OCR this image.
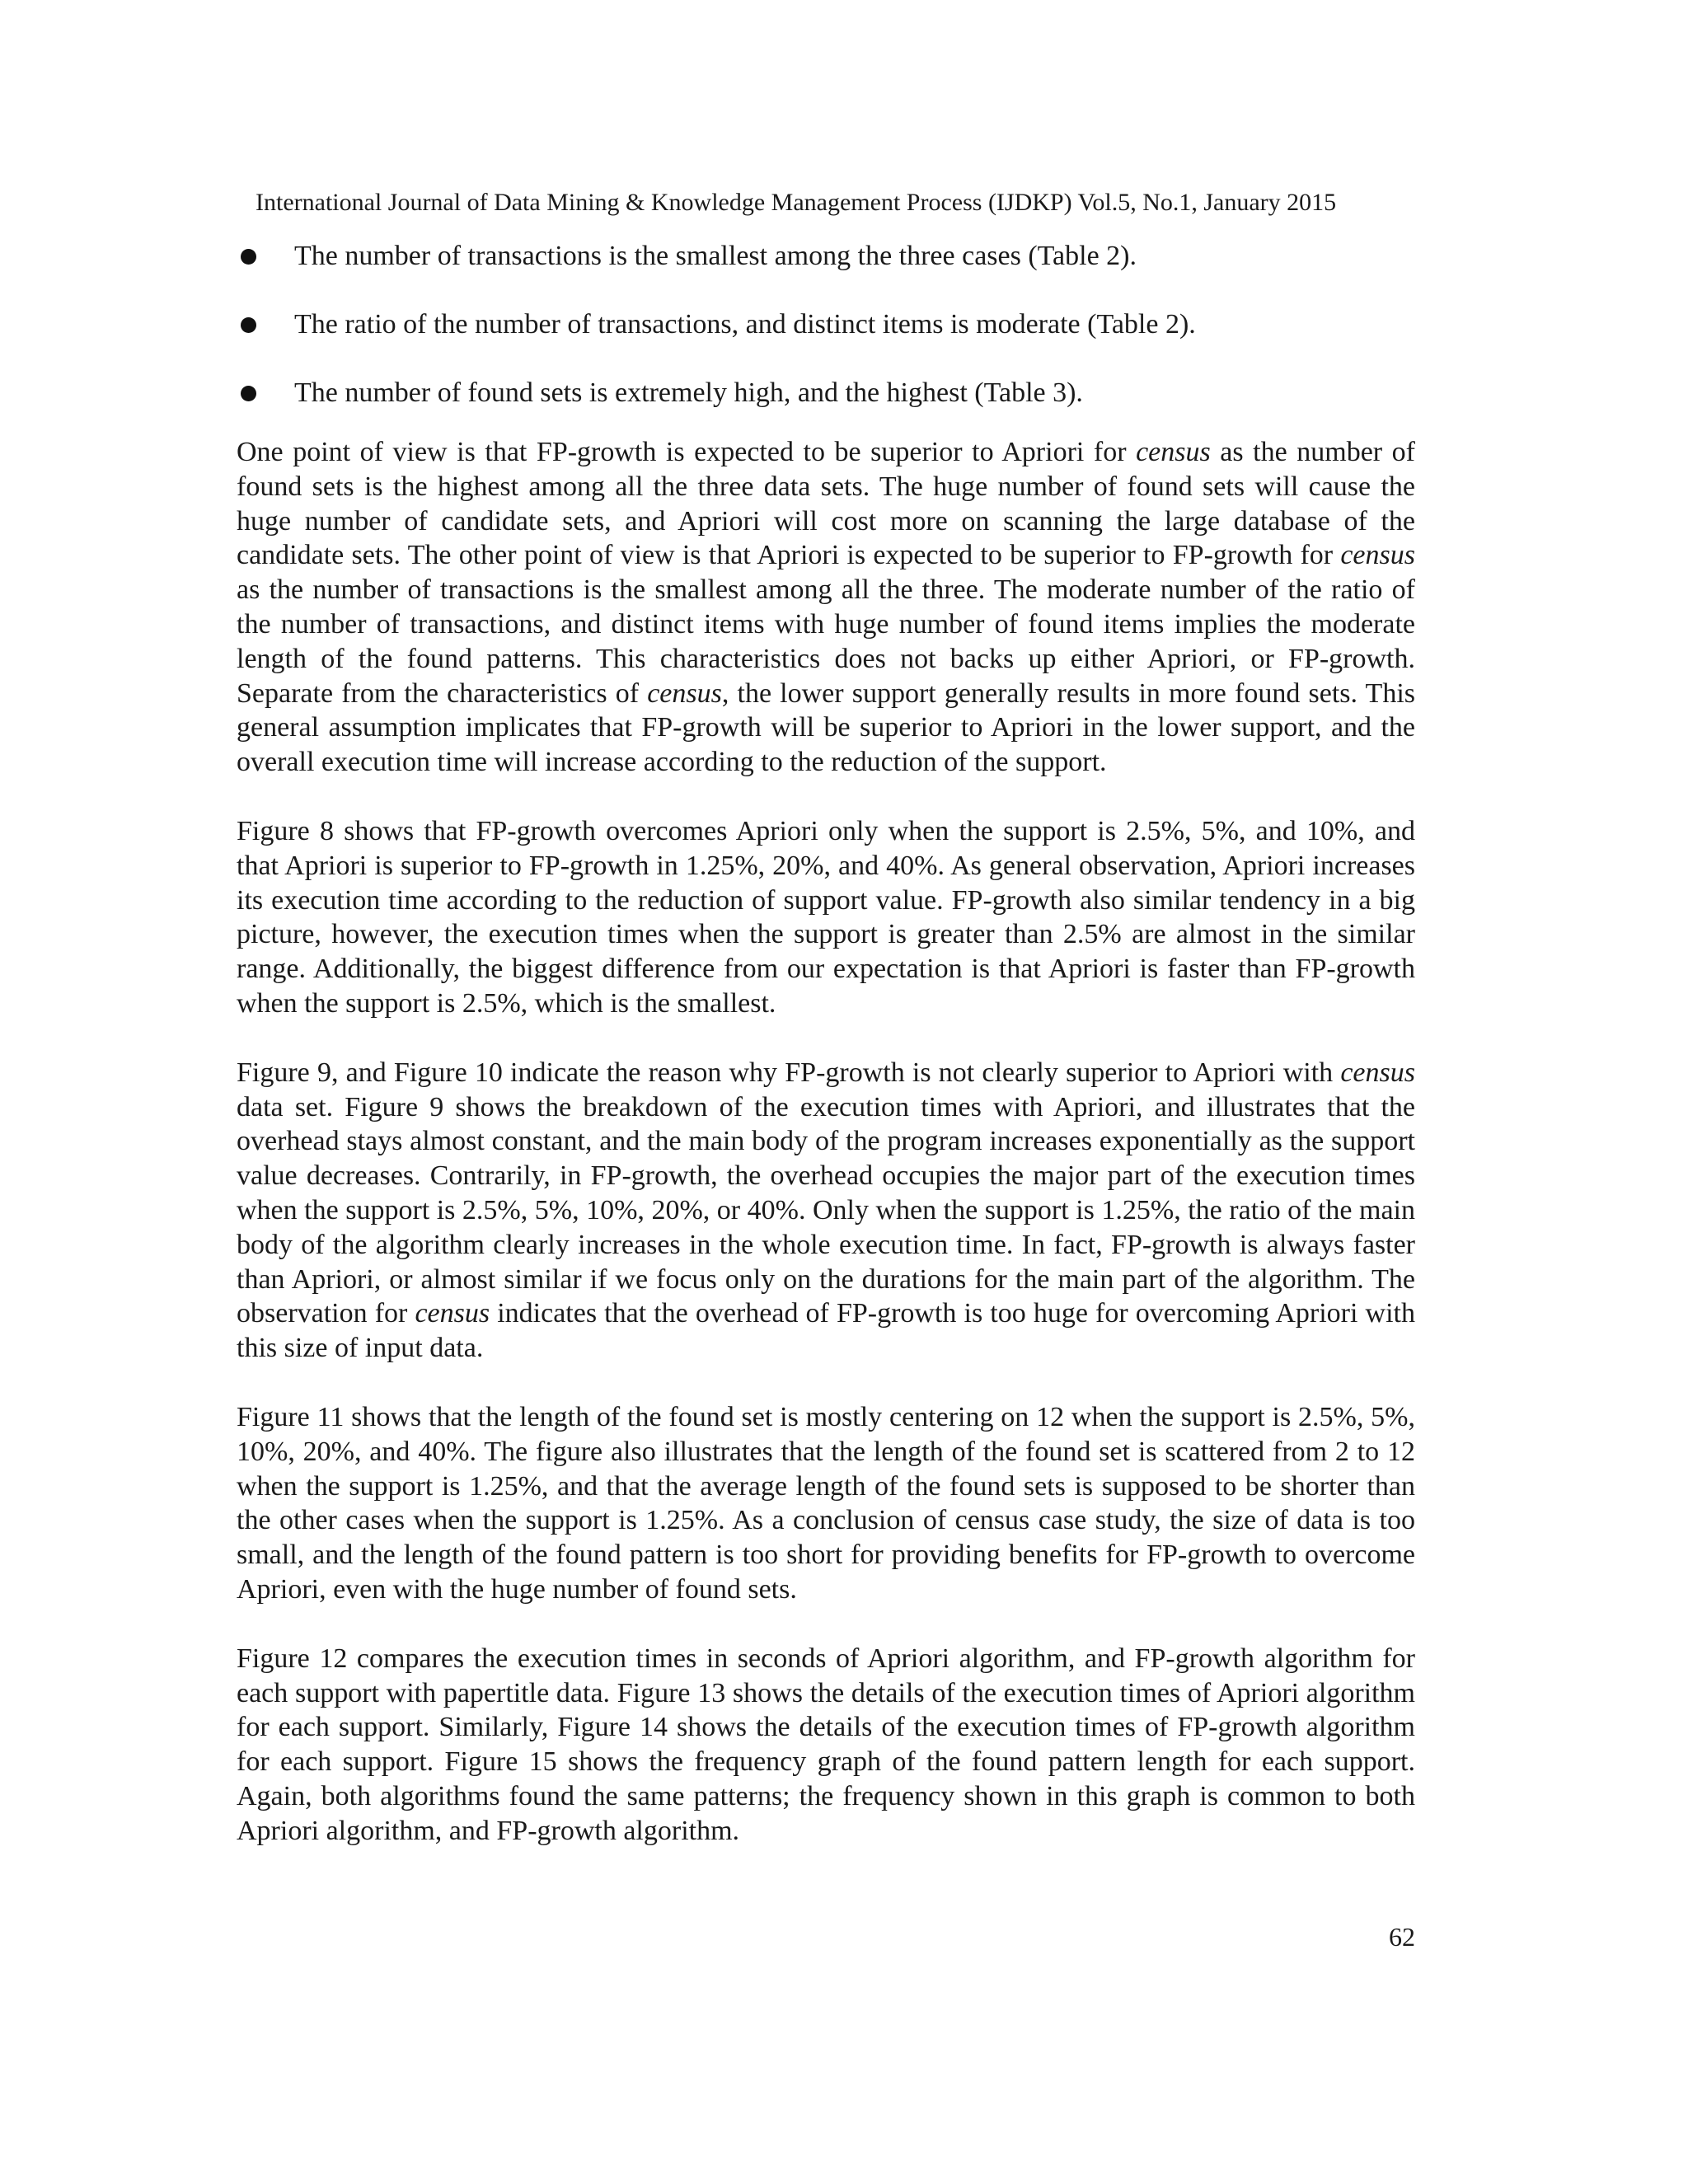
International Journal of Data Mining & Knowledge Management Process (IJDKP) Vol.5, No.1, January 2015
The number of transactions is the smallest among the three cases (Table 2).
The ratio of the number of transactions, and distinct items is moderate (Table 2).
The number of found sets is extremely high, and the highest (Table 3).

One point of view is that FP-growth is expected to be superior to Apriori for census as the number of found sets is the highest among all the three data sets. The huge number of found sets will cause the huge number of candidate sets, and Apriori will cost more on scanning the large database of the candidate sets. The other point of view is that Apriori is expected to be superior to FP-growth for census as the number of transactions is the smallest among all the three. The moderate number of the ratio of the number of transactions, and distinct items with huge number of found items implies the moderate length of the found patterns. This characteristics does not backs up either Apriori, or FP-growth. Separate from the characteristics of census, the lower support generally results in more found sets. This general assumption implicates that FP-growth will be superior to Apriori in the lower support, and the overall execution time will increase according to the reduction of the support.

Figure 8 shows that FP-growth overcomes Apriori only when the support is 2.5%, 5%, and 10%, and that Apriori is superior to FP-growth in 1.25%, 20%, and 40%. As general observation, Apriori increases its execution time according to the reduction of support value. FP-growth also similar tendency in a big picture, however, the execution times when the support is greater than 2.5% are almost in the similar range. Additionally, the biggest difference from our expectation is that Apriori is faster than FP-growth when the support is 2.5%, which is the smallest.

Figure 9, and Figure 10 indicate the reason why FP-growth is not clearly superior to Apriori with census data set. Figure 9 shows the breakdown of the execution times with Apriori, and illustrates that the overhead stays almost constant, and the main body of the program increases exponentially as the support value decreases. Contrarily, in FP-growth, the overhead occupies the major part of the execution times when the support is 2.5%, 5%, 10%, 20%, or 40%. Only when the support is 1.25%, the ratio of the main body of the algorithm clearly increases in the whole execution time. In fact, FP-growth is always faster than Apriori, or almost similar if we focus only on the durations for the main part of the algorithm. The observation for census indicates that the overhead of FP-growth is too huge for overcoming Apriori with this size of input data.

Figure 11 shows that the length of the found set is mostly centering on 12 when the support is 2.5%, 5%, 10%, 20%, and 40%. The figure also illustrates that the length of the found set is scattered from 2 to 12 when the support is 1.25%, and that the average length of the found sets is supposed to be shorter than the other cases when the support is 1.25%. As a conclusion of census case study, the size of data is too small, and the length of the found pattern is too short for providing benefits for FP-growth to overcome Apriori, even with the huge number of found sets.

Figure 12 compares the execution times in seconds of Apriori algorithm, and FP-growth algorithm for each support with papertitle data. Figure 13 shows the details of the execution times of Apriori algorithm for each support. Similarly, Figure 14 shows the details of the execution times of FP-growth algorithm for each support. Figure 15 shows the frequency graph of the found pattern length for each support. Again, both algorithms found the same patterns; the frequency shown in this graph is common to both Apriori algorithm, and FP-growth algorithm.

62
